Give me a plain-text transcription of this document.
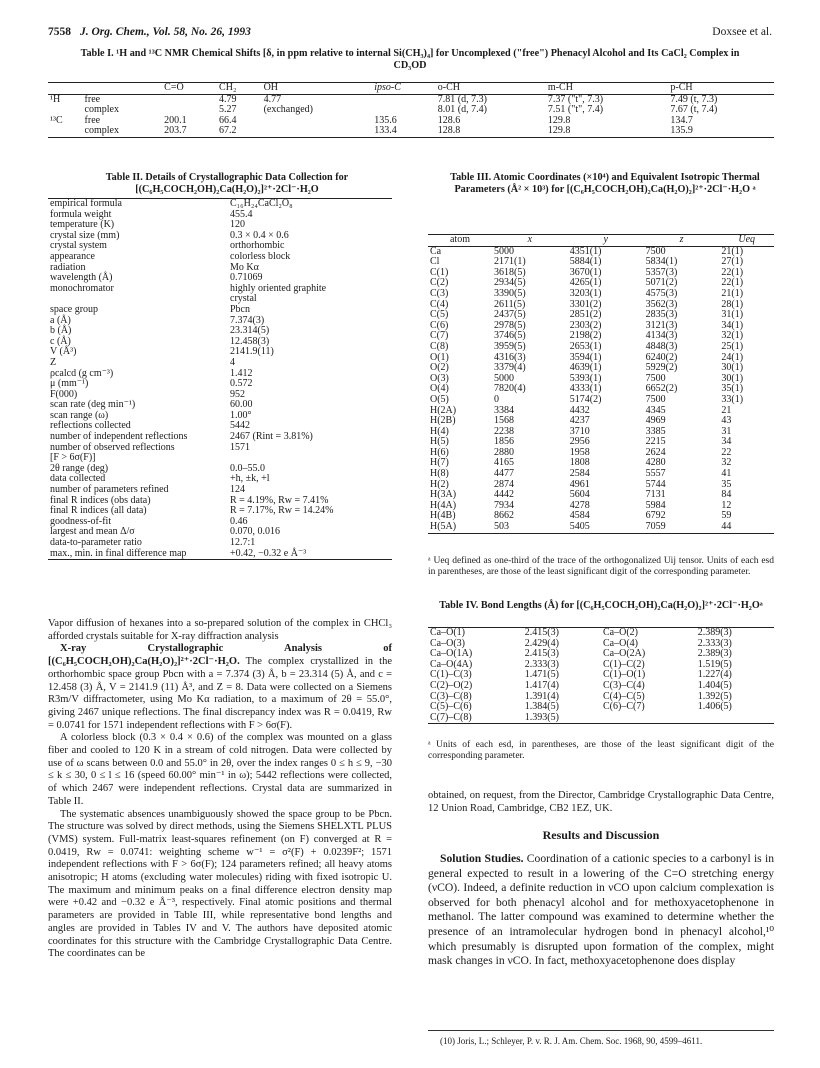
7558 J. Org. Chem., Vol. 58, No. 26, 1993	Doxsee et al.
Table I. ¹H and ¹³C NMR Chemical Shifts [δ, in ppm relative to internal Si(CH₃)₄] for Uncomplexed ("free") Phenacyl Alcohol and Its CaCl₂ Complex in CD₃OD
		C=O	CH₂	OH	ipso-C	o-CH	m-CH	p-CH
¹H	free		4.79	4.77		7.81 (d, 7.3)	7.37 ("t", 7.3)	7.49 (t, 7.3)
	complex		5.27	(exchanged)		8.01 (d, 7.4)	7.51 ("t", 7.4)	7.67 (t, 7.4)
¹³C	free	200.1	66.4		135.6	128.6	129.8	134.7
	complex	203.7	67.2		133.4	128.8	129.8	135.9
Table II. Details of Crystallographic Data Collection for [(C₆H₅COCH₂OH)₂Ca(H₂O)₂]²⁺·2Cl⁻·H₂O
empirical formula	C₁₆H₂₄CaCl₂O₈
formula weight	455.4
temperature (K)	120
crystal size (mm)	0.3 × 0.4 × 0.6
crystal system	orthorhombic
appearance	colorless block
radiation	Mo Kα
wavelength (Å)	0.71069
monochromator	highly oriented graphite
	crystal
space group	Pbcn
a (Å)	7.374(3)
b (Å)	23.314(5)
c (Å)	12.458(3)
V (Å³)	2141.9(11)
Z	4
ρcalcd (g cm⁻³)	1.412
μ (mm⁻¹)	0.572
F(000)	952
scan rate (deg min⁻¹)	60.00
scan range (ω)	1.00°
reflections collected	5442
number of independent reflections	2467 (Rint = 3.81%)
number of observed reflections	1571
[F > 6σ(F)]	
2θ range (deg)	0.0–55.0
data collected	+h, ±k, +l
number of parameters refined	124
final R indices (obs data)	R = 4.19%, Rw = 7.41%
final R indices (all data)	R = 7.17%, Rw = 14.24%
goodness-of-fit	0.46
largest and mean Δ/σ	0.070, 0.016
data-to-parameter ratio	12.7:1
max., min. in final difference map	+0.42, −0.32 e Å⁻³
Table III. Atomic Coordinates (×10⁴) and Equivalent Isotropic Thermal Parameters (Å² × 10³) for [(C₆H₅COCH₂OH)₂Ca(H₂O)₂]²⁺·2Cl⁻·H₂O ᵃ
atom	x	y	z	Ueq
Ca	5000	4351(1)	7500	21(1)
Cl	2171(1)	5884(1)	5834(1)	27(1)
C(1)	3618(5)	3670(1)	5357(3)	22(1)
C(2)	2934(5)	4265(1)	5071(2)	22(1)
C(3)	3390(5)	3203(1)	4575(3)	21(1)
C(4)	2611(5)	3301(2)	3562(3)	28(1)
C(5)	2437(5)	2851(2)	2835(3)	31(1)
C(6)	2978(5)	2303(2)	3121(3)	34(1)
C(7)	3746(5)	2198(2)	4134(3)	32(1)
C(8)	3959(5)	2653(1)	4848(3)	25(1)
O(1)	4316(3)	3594(1)	6240(2)	24(1)
O(2)	3379(4)	4639(1)	5929(2)	30(1)
O(3)	5000	5393(1)	7500	30(1)
O(4)	7820(4)	4333(1)	6652(2)	35(1)
O(5)	0	5174(2)	7500	33(1)
H(2A)	3384	4432	4345	21
H(2B)	1568	4237	4969	43
H(4)	2238	3710	3385	31
H(5)	1856	2956	2215	34
H(6)	2880	1958	2624	22
H(7)	4165	1808	4280	32
H(8)	4477	2584	5557	41
H(2)	2874	4961	5744	35
H(3A)	4442	5604	7131	84
H(4A)	7934	4278	5984	12
H(4B)	8662	4584	6792	59
H(5A)	503	5405	7059	44
ᵃ Ueq defined as one-third of the trace of the orthogonalized Uij tensor. Units of each esd in parentheses, are those of the least significant digit of the corresponding parameter.
Table IV. Bond Lengths (Å) for [(C₆H₅COCH₂OH)₂Ca(H₂O)₂]²⁺·2Cl⁻·H₂Oᵃ
Ca–O(1)	2.415(3)	Ca–O(2)	2.389(3)
Ca–O(3)	2.429(4)	Ca–O(4)	2.333(3)
Ca–O(1A)	2.415(3)	Ca–O(2A)	2.389(3)
Ca–O(4A)	2.333(3)	C(1)–C(2)	1.519(5)
C(1)–C(3)	1.471(5)	C(1)–O(1)	1.227(4)
C(2)–O(2)	1.417(4)	C(3)–C(4)	1.404(5)
C(3)–C(8)	1.391(4)	C(4)–C(5)	1.392(5)
C(5)–C(6)	1.384(5)	C(6)–C(7)	1.406(5)
C(7)–C(8)	1.393(5)		
ᵃ Units of each esd, in parentheses, are those of the least significant digit of the corresponding parameter.
Vapor diffusion of hexanes into a so-prepared solution of the complex in CHCl₃ afforded crystals suitable for X-ray diffraction analysis
X-ray Crystallographic Analysis of [(C₆H₅COCH₂OH)₂Ca(H₂O)₂]²⁺·2Cl⁻·H₂O. The complex crystallized in the orthorhombic space group Pbcn with a = 7.374 (3) Å, b = 23.314 (5) Å, and c = 12.458 (3) Å, V = 2141.9 (11) Å³, and Z = 8. Data were collected on a Siemens R3m/V diffractometer, using Mo Kα radiation, to a maximum of 2θ = 55.0°, giving 2467 unique reflections. The final discrepancy index was R = 0.0419, Rw = 0.0741 for 1571 independent reflections with F > 6σ(F).
A colorless block (0.3 × 0.4 × 0.6) of the complex was mounted on a glass fiber and cooled to 120 K in a stream of cold nitrogen. Data were collected by use of ω scans between 0.0 and 55.0° in 2θ, over the index ranges 0 ≤ h ≤ 9, −30 ≤ k ≤ 30, 0 ≤ l ≤ 16 (speed 60.00° min⁻¹ in ω); 5442 reflections were collected, of which 2467 were independent reflections. Crystal data are summarized in Table II.
The systematic absences unambiguously showed the space group to be Pbcn. The structure was solved by direct methods, using the Siemens SHELXTL PLUS (VMS) system. Full-matrix least-squares refinement (on F) converged at R = 0.0419, Rw = 0.0741: weighting scheme w⁻¹ = σ²(F) + 0.0239F²; 1571 independent reflections with F > 6σ(F); 124 parameters refined; all heavy atoms anisotropic; H atoms (excluding water molecules) riding with fixed isotropic U. The maximum and minimum peaks on a final difference electron density map were +0.42 and −0.32 e Å⁻³, respectively. Final atomic positions and thermal parameters are provided in Table III, while representative bond lengths and angles are provided in Tables IV and V. The authors have deposited atomic coordinates for this structure with the Cambridge Crystallographic Data Centre. The coordinates can be
obtained, on request, from the Director, Cambridge Crystallographic Data Centre, 12 Union Road, Cambridge, CB2 1EZ, UK.
Results and Discussion
Solution Studies. Coordination of a cationic species to a carbonyl is in general expected to result in a lowering of the C=O stretching energy (νCO). Indeed, a definite reduction in νCO upon calcium complexation is observed for both phenacyl alcohol and for methoxyacetophenone in methanol. The latter compound was examined to determine whether the presence of an intramolecular hydrogen bond in phenacyl alcohol,¹⁰ which presumably is disrupted upon formation of the complex, might mask changes in νCO. In fact, methoxyacetophenone does display
(10) Joris, L.; Schleyer, P. v. R. J. Am. Chem. Soc. 1968, 90, 4599–4611.
